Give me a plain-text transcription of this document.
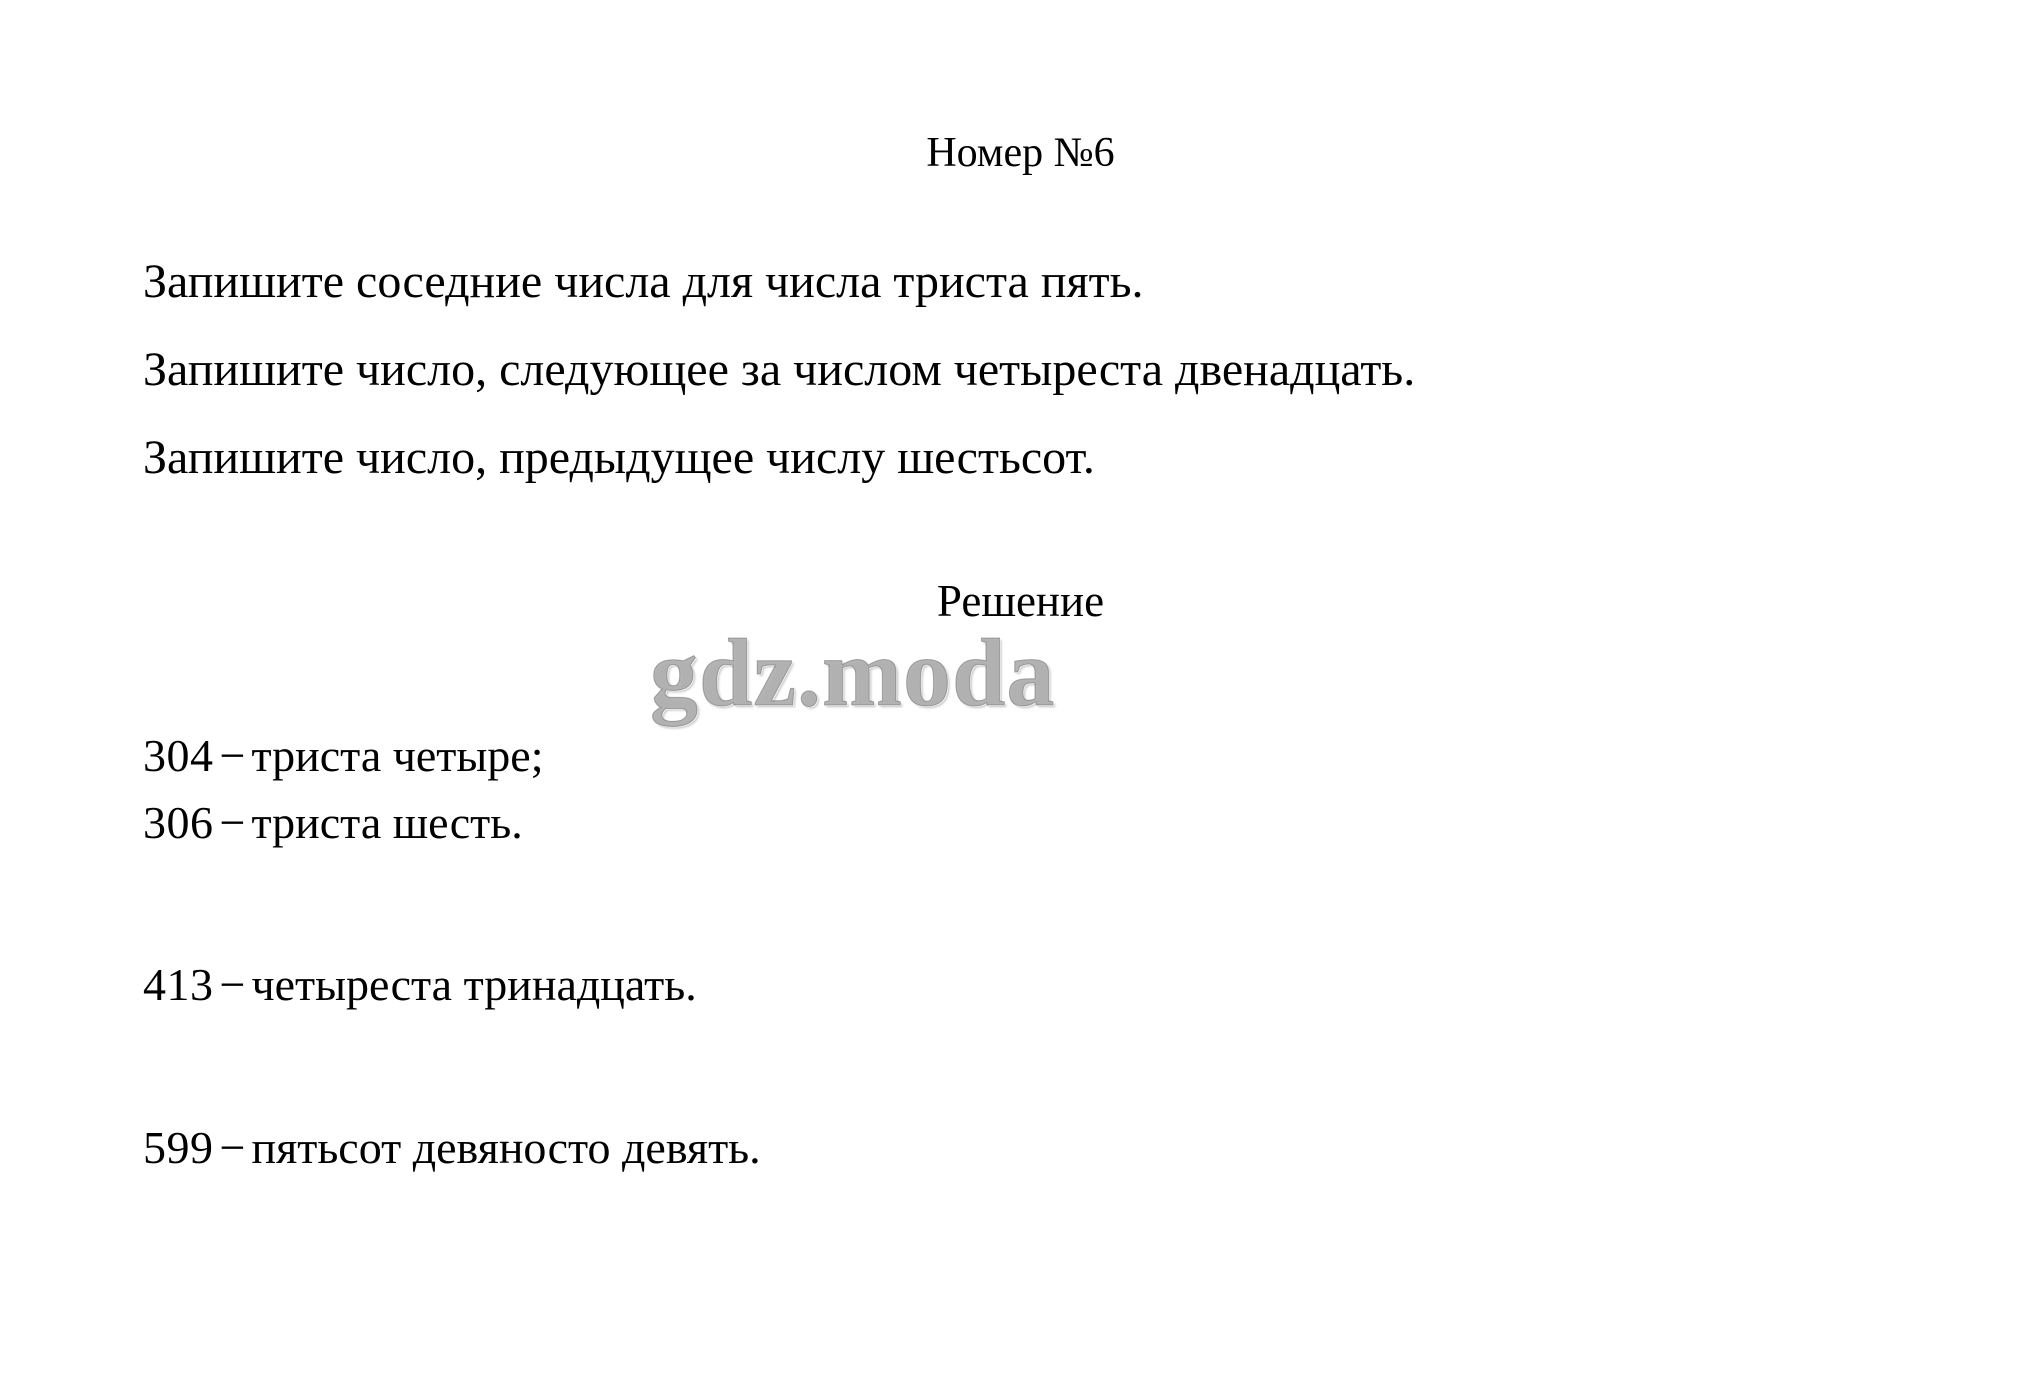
Номер №6
Запишите соседние числа для числа триста пять.
Запишите число, следующее за числом четыреста двенадцать.
Запишите число, предыдущее числу шестьсот.
Решение
304 − триста четыре;
306 − триста шесть.
413 − четыреста тринадцать.
599 − пятьсот девяносто девять.
gdz.moda
